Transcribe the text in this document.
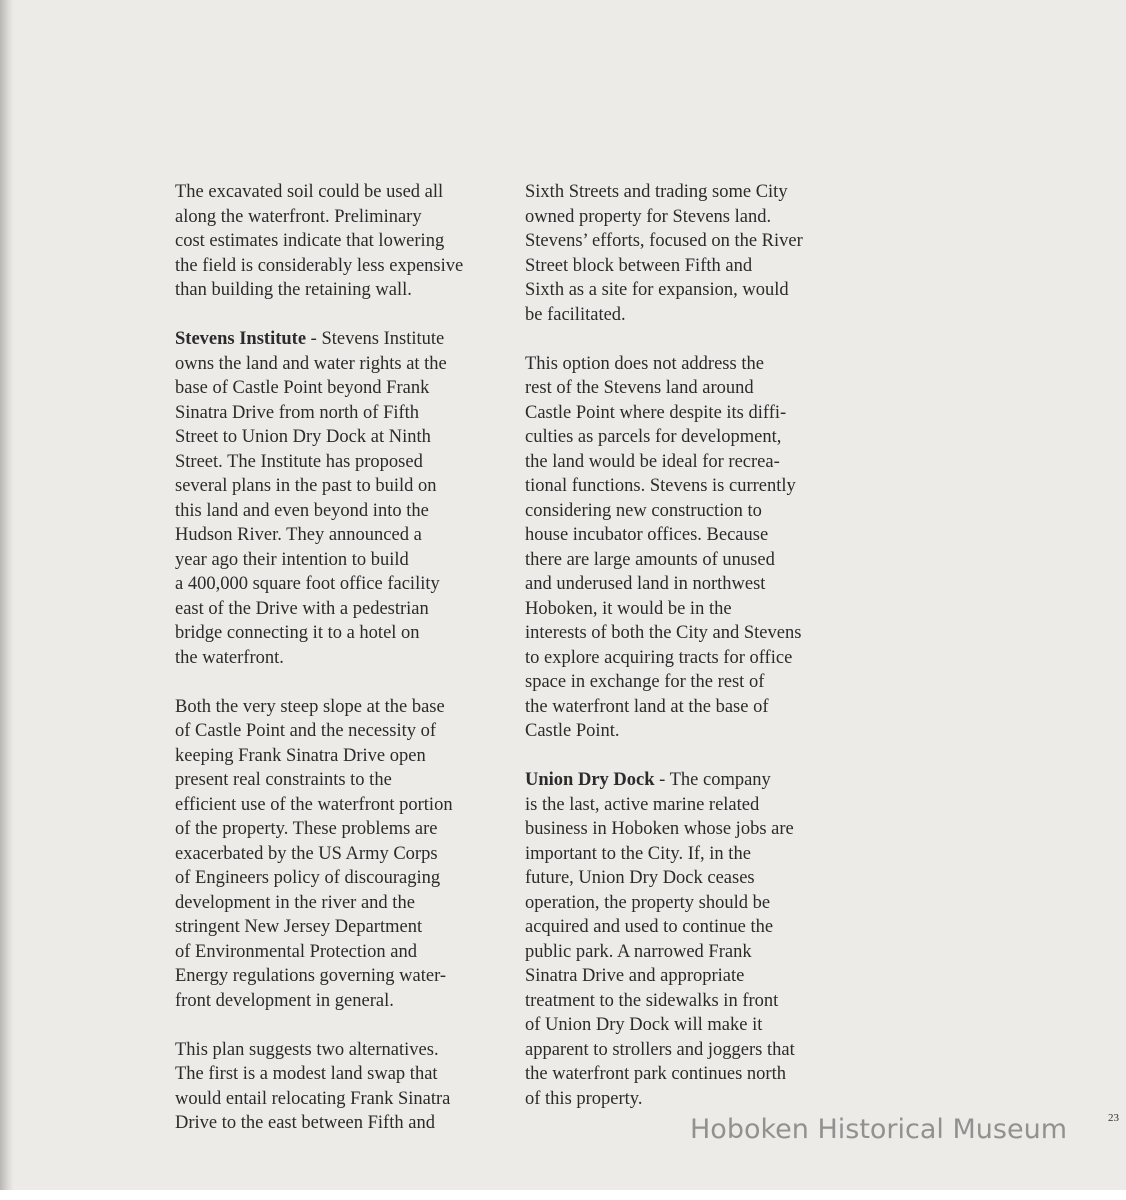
The excavated soil could be used all
along the waterfront. Preliminary
cost estimates indicate that lowering
the field is considerably less expensive
than building the retaining wall.
Stevens Institute - Stevens Institute
owns the land and water rights at the
base of Castle Point beyond Frank
Sinatra Drive from north of Fifth
Street to Union Dry Dock at Ninth
Street. The Institute has proposed
several plans in the past to build on
this land and even beyond into the
Hudson River. They announced a
year ago their intention to build
a 400,000 square foot office facility
east of the Drive with a pedestrian
bridge connecting it to a hotel on
the waterfront.
Both the very steep slope at the base
of Castle Point and the necessity of
keeping Frank Sinatra Drive open
present real constraints to the
efficient use of the waterfront portion
of the property. These problems are
exacerbated by the US Army Corps
of Engineers policy of discouraging
development in the river and the
stringent New Jersey Department
of Environmental Protection and
Energy regulations governing water-
front development in general.
This plan suggests two alternatives.
The first is a modest land swap that
would entail relocating Frank Sinatra
Drive to the east between Fifth and
Sixth Streets and trading some City
owned property for Stevens land.
Stevens’ efforts, focused on the River
Street block between Fifth and
Sixth as a site for expansion, would
be facilitated.
This option does not address the
rest of the Stevens land around
Castle Point where despite its diffi-
culties as parcels for development,
the land would be ideal for recrea-
tional functions. Stevens is currently
considering new construction to
house incubator offices. Because
there are large amounts of unused
and underused land in northwest
Hoboken, it would be in the
interests of both the City and Stevens
to explore acquiring tracts for office
space in exchange for the rest of
the waterfront land at the base of
Castle Point.
Union Dry Dock - The company
is the last, active marine related
business in Hoboken whose jobs are
important to the City. If, in the
future, Union Dry Dock ceases
operation, the property should be
acquired and used to continue the
public park. A narrowed Frank
Sinatra Drive and appropriate
treatment to the sidewalks in front
of Union Dry Dock will make it
apparent to strollers and joggers that
the waterfront park continues north
of this property.
23
Hoboken Historical Museum
